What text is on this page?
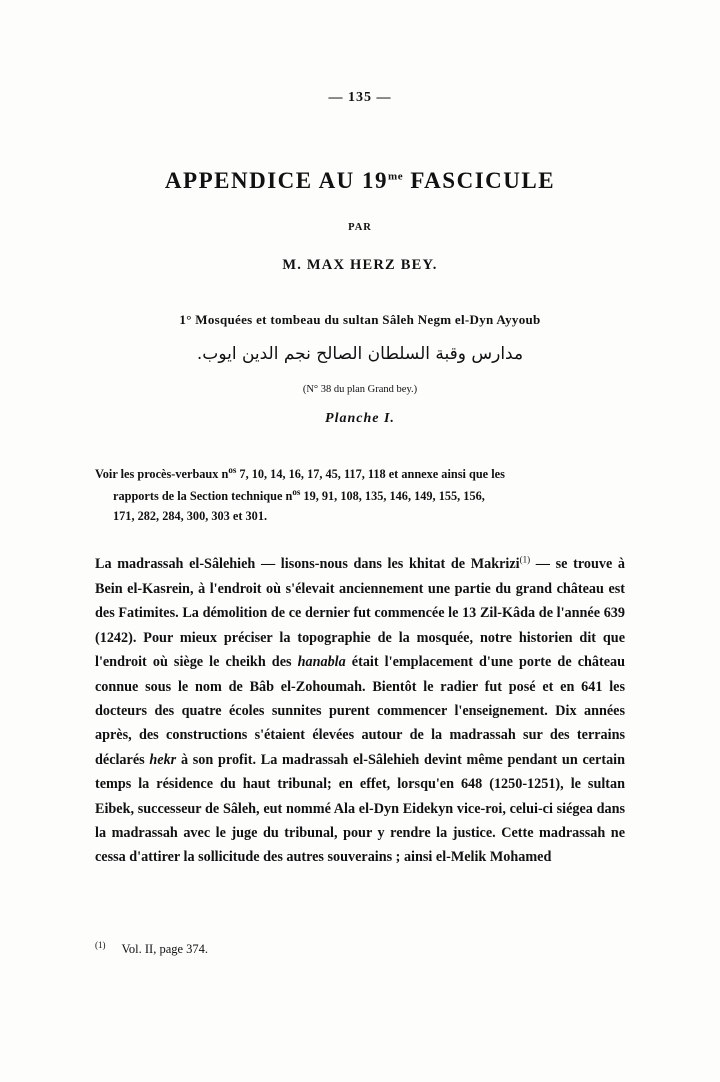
— 135 —
APPENDICE AU $19^{me}$ FASCICULE
PAR
M. MAX HERZ BEY.
1° Mosquées et tombeau du sultan Sâleh Negm el-Dyn Ayyoub
مدارس وقبة السلطان الصالح نجم الدين ايوب.
(N° 38 du plan Grand bey.)
Planche I.
Voir les procès-verbaux $n^{os}$ 7, 10, 14, 16, 17, 45, 117, 118 et annexe ainsi que les
rapports de la Section technique $n^{os}$ 19, 91, 108, 135, 146, 149, 155, 156,
171, 282, 284, 300, 303 et 301.
La madrassah el-Sâlehieh — lisons-nous dans les khitat de Makrizi$^{(1)}$ — se trouve à Bein el-Kasrein, à l'endroit où s'élevait anciennement une partie du grand château est des Fatimites. La démolition de ce dernier fut commencée le 13 Zil-Kâda de l'année 639 (1242). Pour mieux préciser la topographie de la mosquée, notre historien dit que l'endroit où siège le cheikh des hanabla était l'emplacement d'une porte de château connue sous le nom de Bâb el-Zohoumah. Bientôt le radier fut posé et en 641 les docteurs des quatre écoles sunnites purent commencer l'enseignement. Dix années après, des constructions s'étaient élevées autour de la madrassah sur des terrains déclarés hekr à son profit. La madrassah el-Sâlehieh devint même pendant un certain temps la résidence du haut tribunal; en effet, lorsqu'en 648 (1250-1251), le sultan Eibek, successeur de Sâleh, eut nommé Ala el-Dyn Eidekyn vice-roi, celui-ci siégea dans la madrassah avec le juge du tribunal, pour y rendre la justice. Cette madrassah ne cessa d'attirer la sollicitude des autres souverains ; ainsi el-Melik Mohamed
$^{(1)}$ Vol. II, page 374.
